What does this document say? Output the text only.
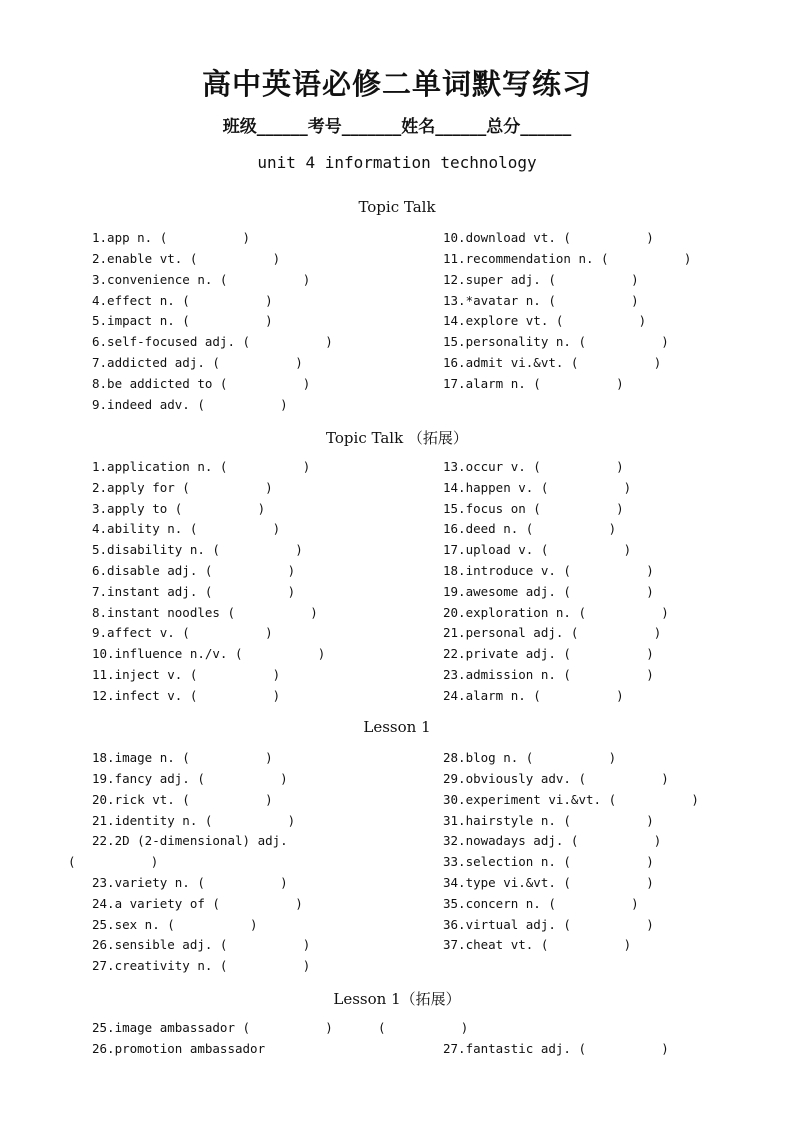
高中英语必修二单词默写练习
班级______考号_______姓名______总分______
unit 4 information technology
Topic Talk
1.app n. (          )
2.enable vt. (          )
3.convenience n. (          )
4.effect n. (          )
5.impact n. (          )
6.self-focused adj. (          )
7.addicted adj. (          )
8.be addicted to (          )
9.indeed adv. (          )
10.download vt. (          )
11.recommendation n. (          )
12.super adj. (          )
13.*avatar n. (          )
14.explore vt. (          )
15.personality n. (          )
16.admit vi.&vt. (          )
17.alarm n. (          )
Topic Talk （拓展）
1.application n. (          )
2.apply for (          )
3.apply to (          )
4.ability n. (          )
5.disability n. (          )
6.disable adj. (          )
7.instant adj. (          )
8.instant noodles (          )
9.affect v. (          )
10.influence n./v. (          )
11.inject v. (          )
12.infect v. (          )
13.occur v. (          )
14.happen v. (          )
15.focus on (          )
16.deed n. (          )
17.upload v. (          )
18.introduce v. (          )
19.awesome adj. (          )
20.exploration n. (          )
21.personal adj. (          )
22.private adj. (          )
23.admission n. (          )
24.alarm n. (          )
Lesson 1
18.image n. (          )
19.fancy adj. (          )
20.rick vt. (          )
21.identity n. (          )
22.2D (2-dimensional) adj.
(          )
23.variety n. (          )
24.a variety of (          )
25.sex n. (          )
26.sensible adj. (          )
27.creativity n. (          )
28.blog n. (          )
29.obviously adv. (          )
30.experiment vi.&vt. (          )
31.hairstyle n. (          )
32.nowadays adj. (          )
33.selection n. (          )
34.type vi.&vt. (          )
35.concern n. (          )
36.virtual adj. (          )
37.cheat vt. (          )
Lesson 1（拓展）
25.image ambassador (          )      (          )
26.promotion ambassador	27.fantastic adj. (          )
